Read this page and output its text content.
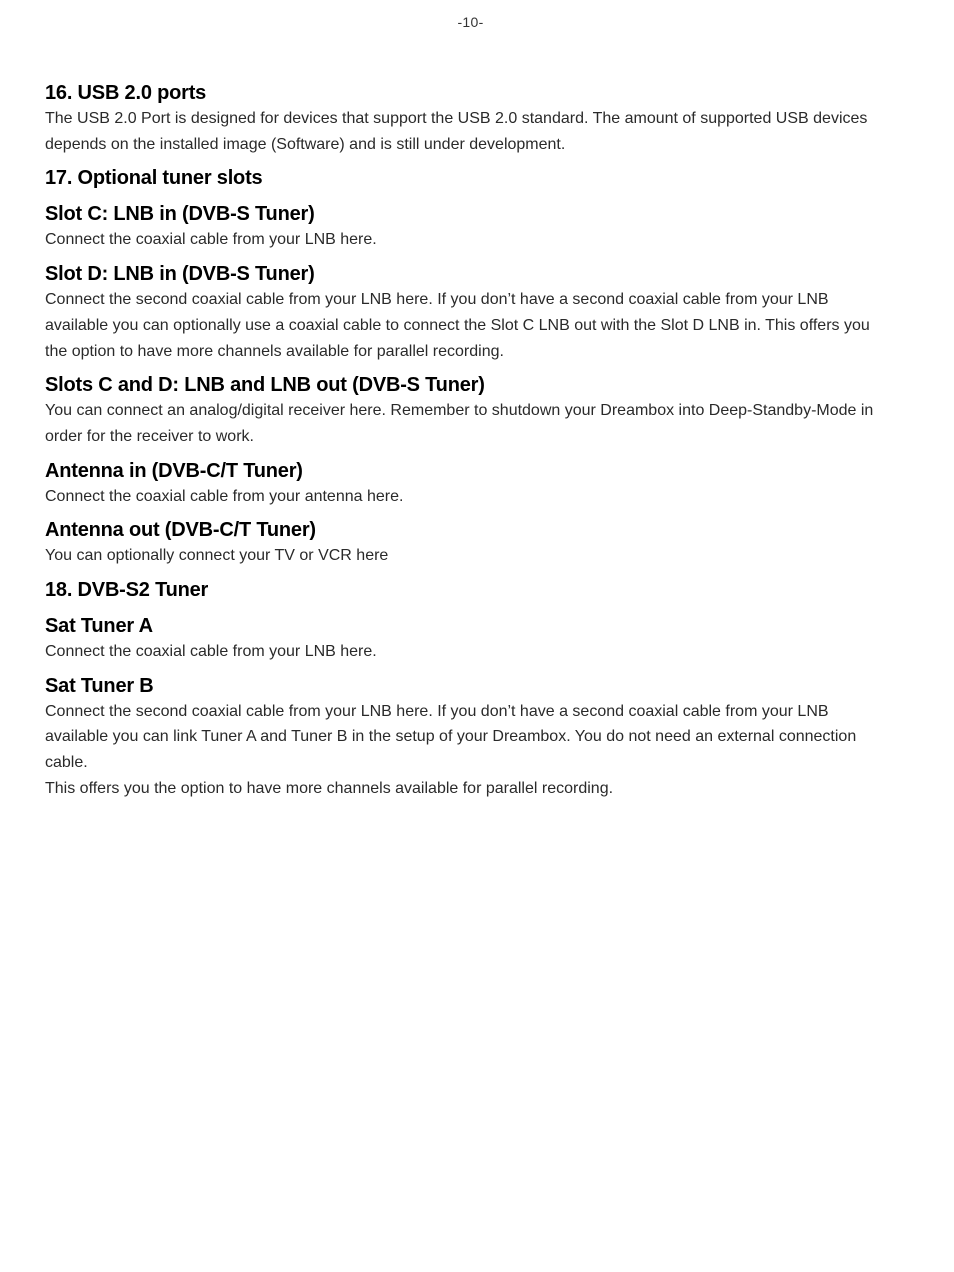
-10-
16. USB 2.0 ports

The USB 2.0 Port is designed for devices that support the USB 2.0 standard. The amount of supported USB devices depends on the installed image (Software) and is still under development.

17. Optional tuner slots
Slot C: LNB in (DVB-S Tuner)

Connect the coaxial cable from your LNB here.

Slot D: LNB in (DVB-S Tuner)

Connect the second coaxial cable from your LNB here. If you don’t have a second coaxial cable from your LNB available you can optionally use a coaxial cable to connect the Slot C LNB out with the Slot D LNB in. This offers you the option to have more channels available for parallel recording.

Slots C and D: LNB and LNB out (DVB-S Tuner)

You can connect an analog/digital receiver here. Remember to shutdown your Dreambox into Deep-Standby-Mode in order for the receiver to work.

Antenna in (DVB-C/T Tuner)

Connect the coaxial cable from your antenna here.

Antenna out (DVB-C/T Tuner)

You can optionally connect your TV or VCR here

18. DVB-S2 Tuner
Sat Tuner A

Connect the coaxial cable from your LNB here.

Sat Tuner B

Connect the second coaxial cable from your LNB here. If you don’t have a second coaxial cable from your LNB available you can link Tuner A and Tuner B in the setup of your Dreambox. You do not need an external connection cable.

This offers you the option to have more channels available for parallel recording.
